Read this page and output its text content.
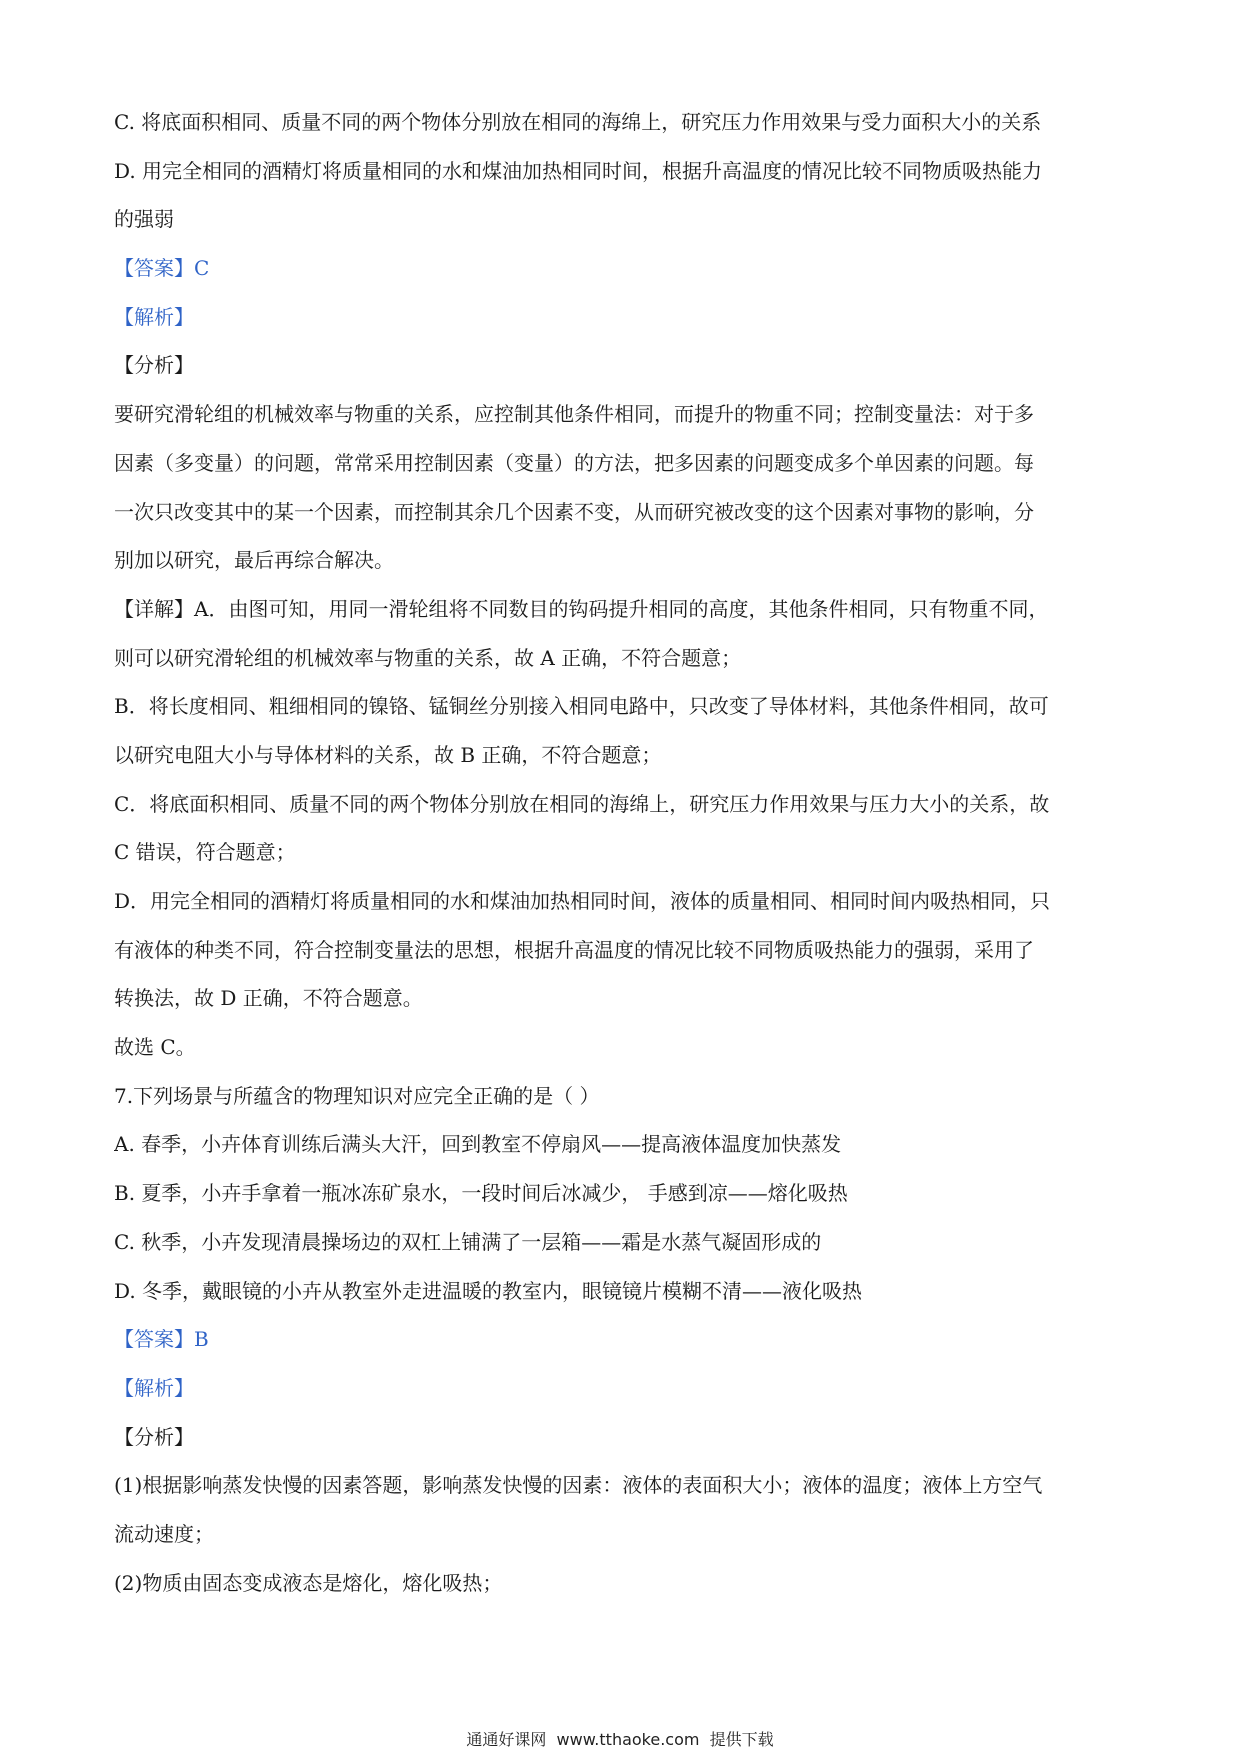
C. 将底面积相同、质量不同的两个物体分别放在相同的海绵上，研究压力作用效果与受力面积大小的关系
D. 用完全相同的酒精灯将质量相同的水和煤油加热相同时间，根据升高温度的情况比较不同物质吸热能力
的强弱
【答案】C
【解析】
【分析】
要研究滑轮组的机械效率与物重的关系，应控制其他条件相同，而提升的物重不同；控制变量法：对于多
因素（多变量）的问题，常常采用控制因素（变量）的方法，把多因素的问题变成多个单因素的问题。每
一次只改变其中的某一个因素，而控制其余几个因素不变，从而研究被改变的这个因素对事物的影响，分
别加以研究，最后再综合解决。
【详解】A．由图可知，用同一滑轮组将不同数目的钩码提升相同的高度，其他条件相同，只有物重不同，
则可以研究滑轮组的机械效率与物重的关系，故 A 正确，不符合题意；
B．将长度相同、粗细相同的镍铬、锰铜丝分别接入相同电路中，只改变了导体材料，其他条件相同，故可
以研究电阻大小与导体材料的关系，故 B 正确，不符合题意；
C．将底面积相同、质量不同的两个物体分别放在相同的海绵上，研究压力作用效果与压力大小的关系，故
C 错误，符合题意；
D．用完全相同的酒精灯将质量相同的水和煤油加热相同时间，液体的质量相同、相同时间内吸热相同，只
有液体的种类不同，符合控制变量法的思想，根据升高温度的情况比较不同物质吸热能力的强弱，采用了
转换法，故 D 正确，不符合题意。
故选 C。
7.下列场景与所蕴含的物理知识对应完全正确的是（ ）
A. 春季，小卉体育训练后满头大汗，回到教室不停扇风——提高液体温度加快蒸发
B. 夏季，小卉手拿着一瓶冰冻矿泉水，一段时间后冰减少， 手感到凉——熔化吸热
C. 秋季，小卉发现清晨操场边的双杠上铺满了一层箱——霜是水蒸气凝固形成的
D. 冬季，戴眼镜的小卉从教室外走进温暖的教室内，眼镜镜片模糊不清——液化吸热
【答案】B
【解析】
【分析】
(1)根据影响蒸发快慢的因素答题，影响蒸发快慢的因素：液体的表面积大小；液体的温度；液体上方空气
流动速度；
(2)物质由固态变成液态是熔化，熔化吸热；
通通好课网  www.tthaoke.com  提供下载
